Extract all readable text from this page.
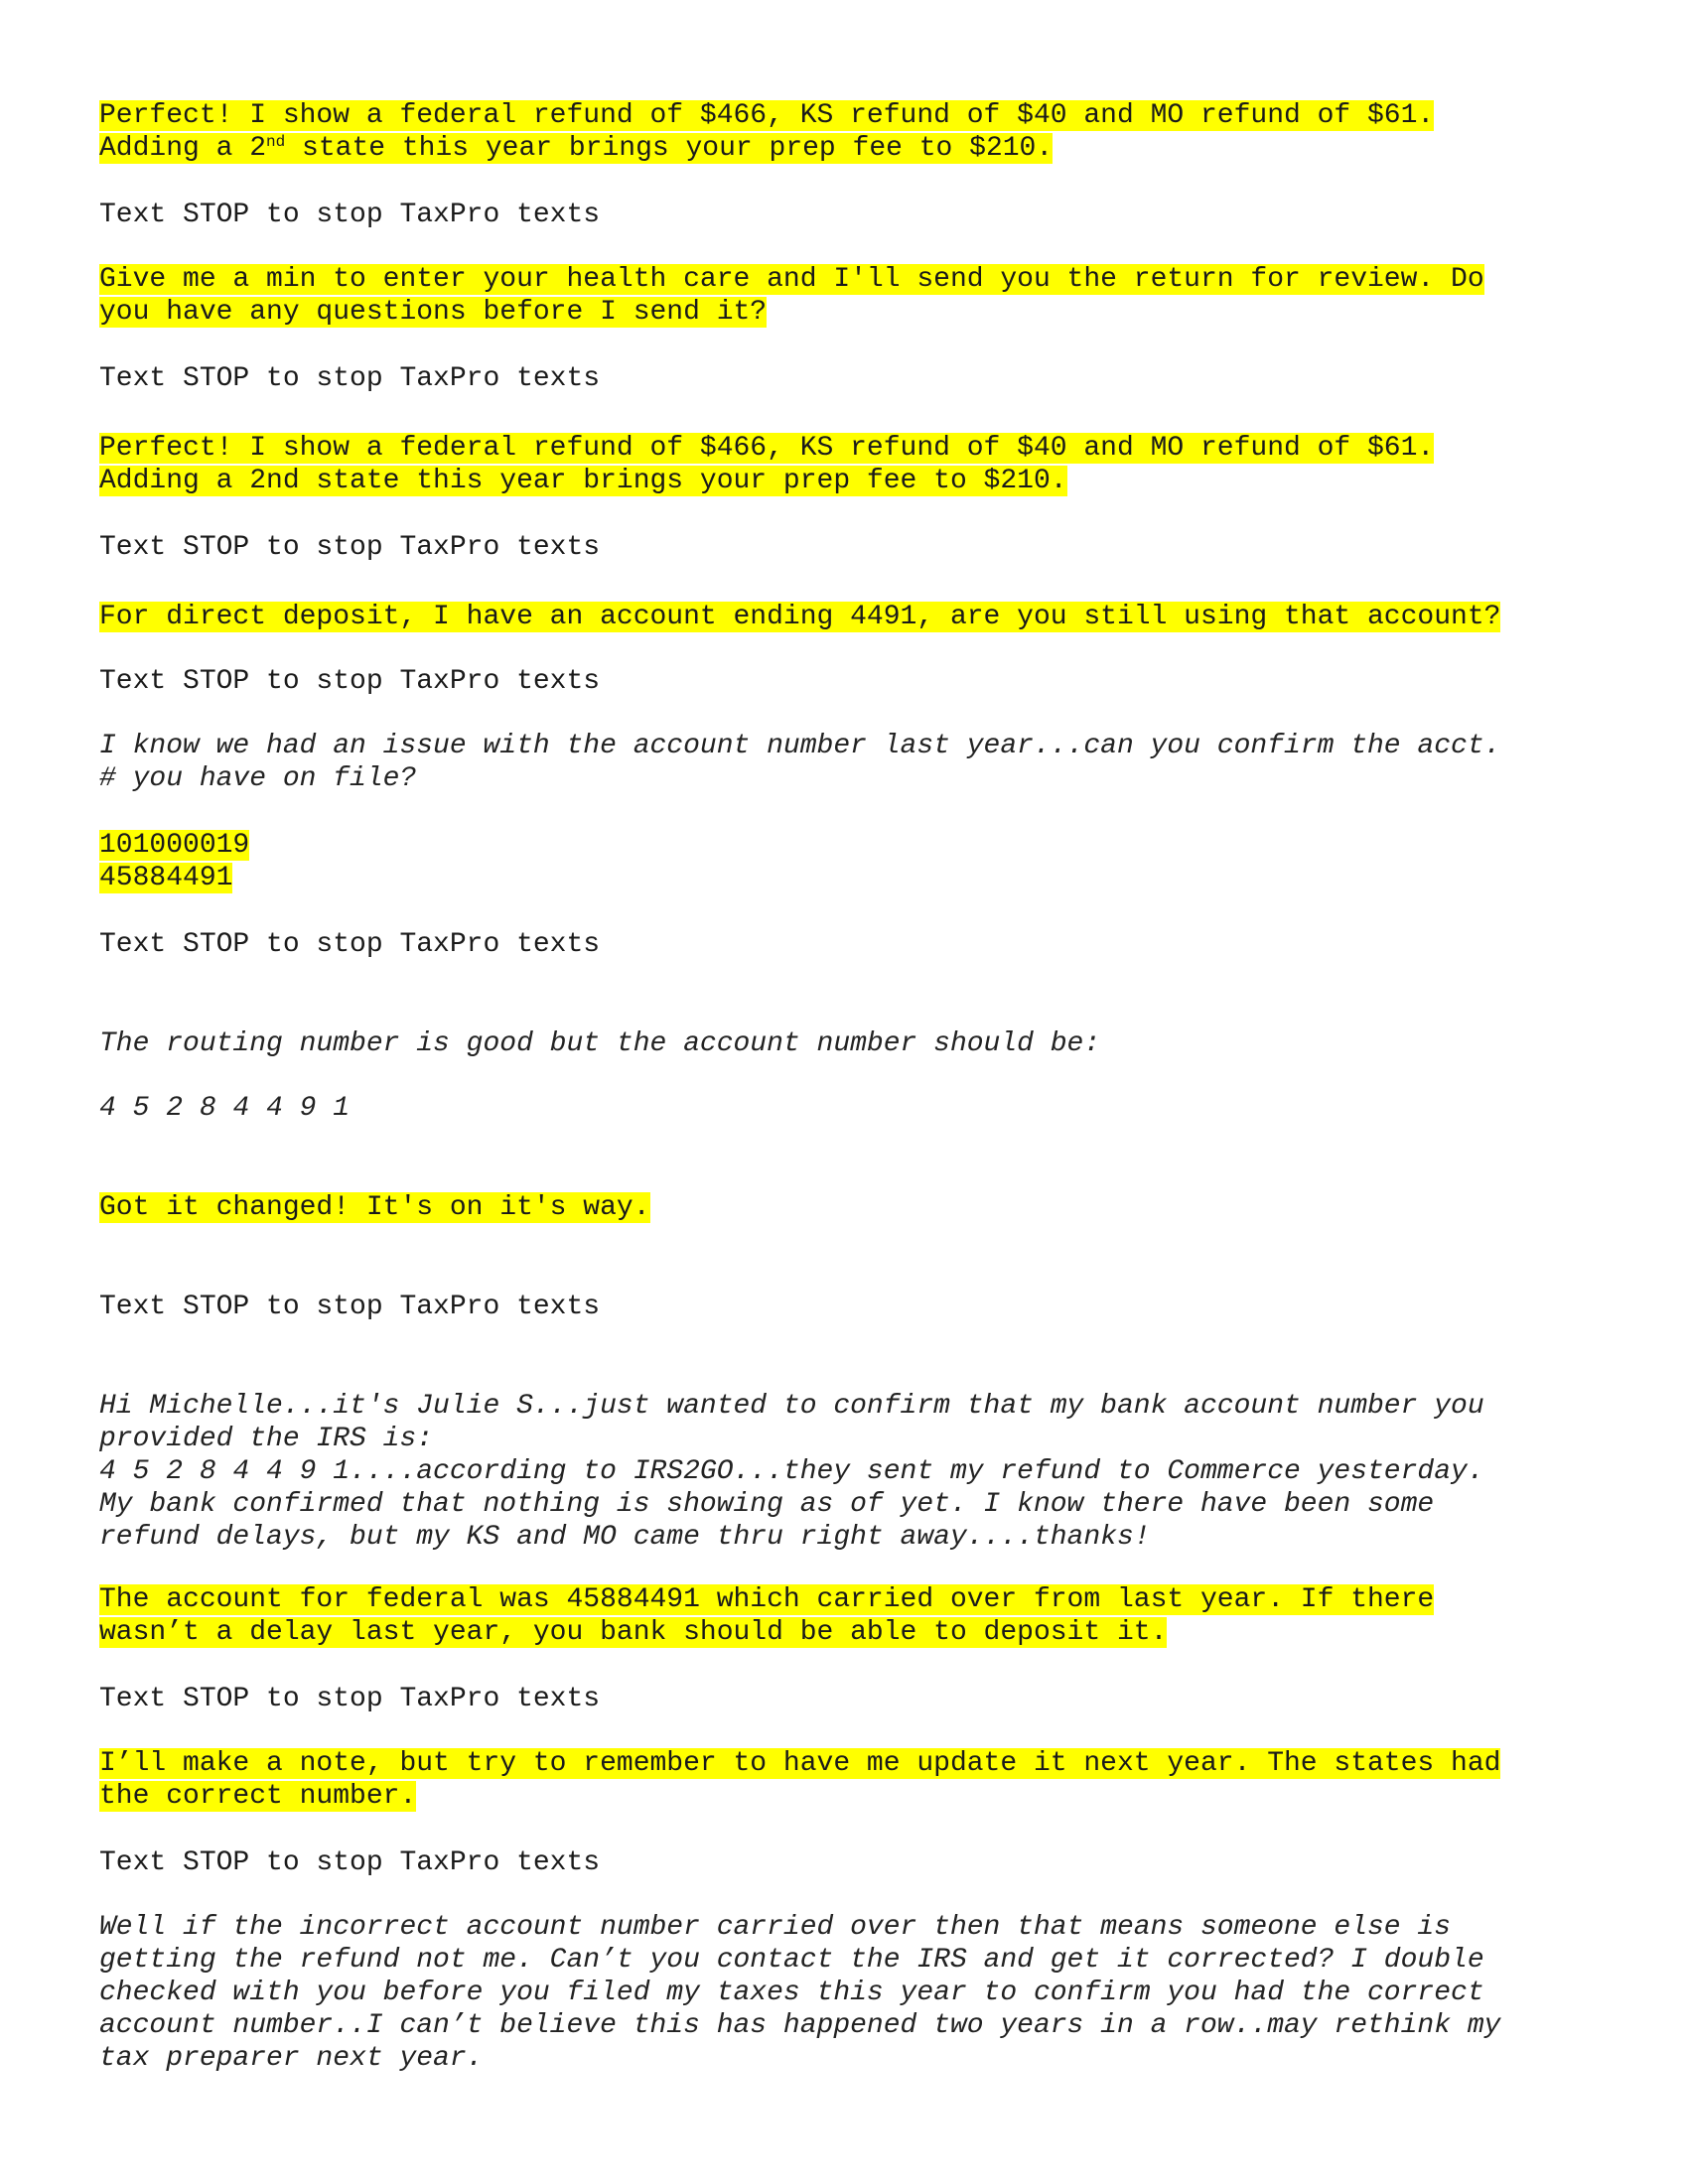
Perfect! I show a federal refund of $466, KS refund of $40 and MO refund of $61.
Adding a 2nd state this year brings your prep fee to $210.
Text STOP to stop TaxPro texts
Give me a min to enter your health care and I'll send you the return for review. Do
you have any questions before I send it?
Text STOP to stop TaxPro texts
Perfect! I show a federal refund of $466, KS refund of $40 and MO refund of $61.
Adding a 2nd state this year brings your prep fee to $210.
Text STOP to stop TaxPro texts
For direct deposit, I have an account ending 4491, are you still using that account?
Text STOP to stop TaxPro texts
I know we had an issue with the account number last year...can you confirm the acct.
# you have on file?
101000019
45884491
Text STOP to stop TaxPro texts
The routing number is good but the account number should be:
4 5 2 8 4 4 9 1
Got it changed! It's on it's way.
Text STOP to stop TaxPro texts
Hi Michelle...it's Julie S...just wanted to confirm that my bank account number you
provided the IRS is:
4 5 2 8 4 4 9 1....according to IRS2GO...they sent my refund to Commerce yesterday.
My bank confirmed that nothing is showing as of yet. I know there have been some
refund delays, but my KS and MO came thru right away....thanks!
The account for federal was 45884491 which carried over from last year. If there
wasn’t a delay last year, you bank should be able to deposit it.
Text STOP to stop TaxPro texts
I’ll make a note, but try to remember to have me update it next year. The states had
the correct number.
Text STOP to stop TaxPro texts
Well if the incorrect account number carried over then that means someone else is
getting the refund not me. Can’t you contact the IRS and get it corrected? I double
checked with you before you filed my taxes this year to confirm you had the correct
account number..I can’t believe this has happened two years in a row..may rethink my
tax preparer next year.
